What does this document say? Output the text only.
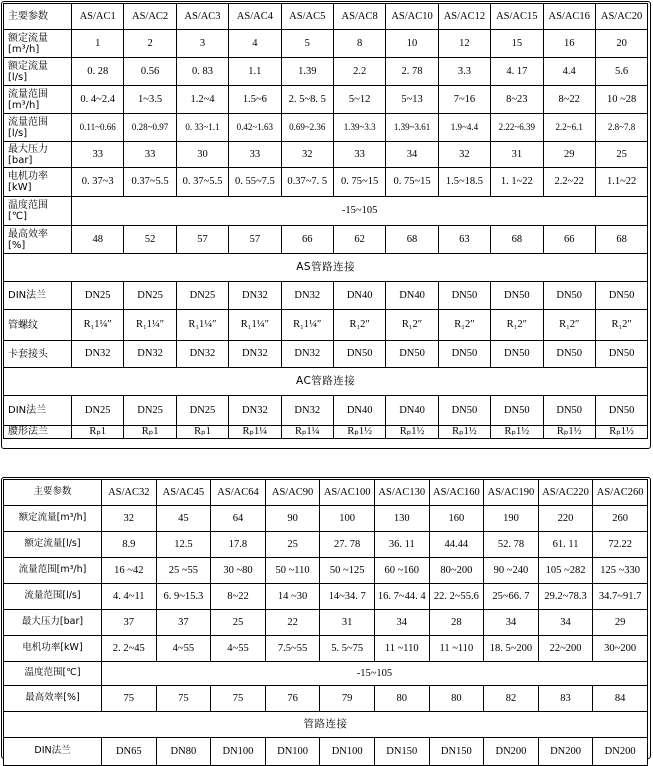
主要参数	AS/AC1	AS/AC2	AS/AC3	AS/AC4	AS/AC5	AS/AC8	AS/AC10	AS/AC12	AS/AC15	AS/AC16	AS/AC20
额定流量
[m³/h]	1	2	3	4	5	8	10	12	15	16	20
额定流量
[l/s]	0. 28	0.56	0. 83	1.1	1.39	2.2	2. 78	3.3	4. 17	4.4	5.6
流量范围
[m³/h]	0. 4~2.4	1~3.5	1.2~4	1.5~6	2. 5~8. 5	5~12	5~13	7~16	8~23	8~22	10 ~28
流量范围
[l/s]	0.11~0.66	0.28~0.97	0. 33~1.1	0.42~1.63	0.69~2.36	1.39~3.3	1.39~3.61	1.9~4.4	2.22~6.39	2.2~6.1	2.8~7.8
最大压力
[bar]	33	33	30	33	32	33	34	32	31	29	25
电机功率
[kW]	0. 37~3	0.37~5.5	0. 37~5.5	0. 55~7.5	0.37~7. 5	0. 75~15	0. 75~15	1.5~18.5	1. 1~22	2.2~22	1.1~22
温度范围
[℃]	-15~105										
最高效率
[%]	48	52	57	57	66	62	68	63	68	66	68
AS管路连接											
DIN法兰	DN25	DN25	DN25	DN32	DN32	DN40	DN40	DN50	DN50	DN50	DN50
管螺纹	R₁1¼″	R₁1¼″	R₁1¼″	R₁1¼″	R₁1¼″	R₁2″	R₁2″	R₁2″	R₁2″	R₁2″	R₁2″
卡套接头	DN32	DN32	DN32	DN32	DN32	DN50	DN50	DN50	DN50	DN50	DN50
AC管路连接											
DIN法兰	DN25	DN25	DN25	DN32	DN32	DN40	DN40	DN50	DN50	DN50	DN50
腰形法兰	Rₚ1	Rₚ1	Rₚ1	Rₚ1¼	Rₚ1¼	Rₚ1½	Rₚ1½	Rₚ1½	Rₚ1½	Rₚ1½	Rₚ1½
主要参数	AS/AC32	AS/AC45	AS/AC64	AS/AC90	AS/AC100	AS/AC130	AS/AC160	AS/AC190	AS/AC220	AS/AC260
额定流量[m³/h]	32	45	64	90	100	130	160	190	220	260
额定流量[l/s]	8.9	12.5	17.8	25	27. 78	36. 11	44.44	52. 78	61. 11	72.22
流量范围[m³/h]	16 ~42	25 ~55	30 ~80	50 ~110	50 ~125	60 ~160	80~200	90 ~240	105 ~282	125 ~330
流量范围[l/s]	4. 4~11	6. 9~15.3	8~22	14 ~30	14~34. 7	16. 7~44. 4	22. 2~55.6	25~66. 7	29.2~78.3	34.7~91.7
最大压力[bar]	37	37	25	22	31	34	28	34	34	29
电机功率[kW]	2. 2~45	4~55	4~55	7.5~55	5. 5~75	11 ~110	11 ~110	18. 5~200	22~200	30~200
温度范围[℃]	-15~105									
最高效率[%]	75	75	75	76	79	80	80	82	83	84
管路连接										
DIN法兰	DN65	DN80	DN100	DN100	DN100	DN150	DN150	DN200	DN200	DN200
